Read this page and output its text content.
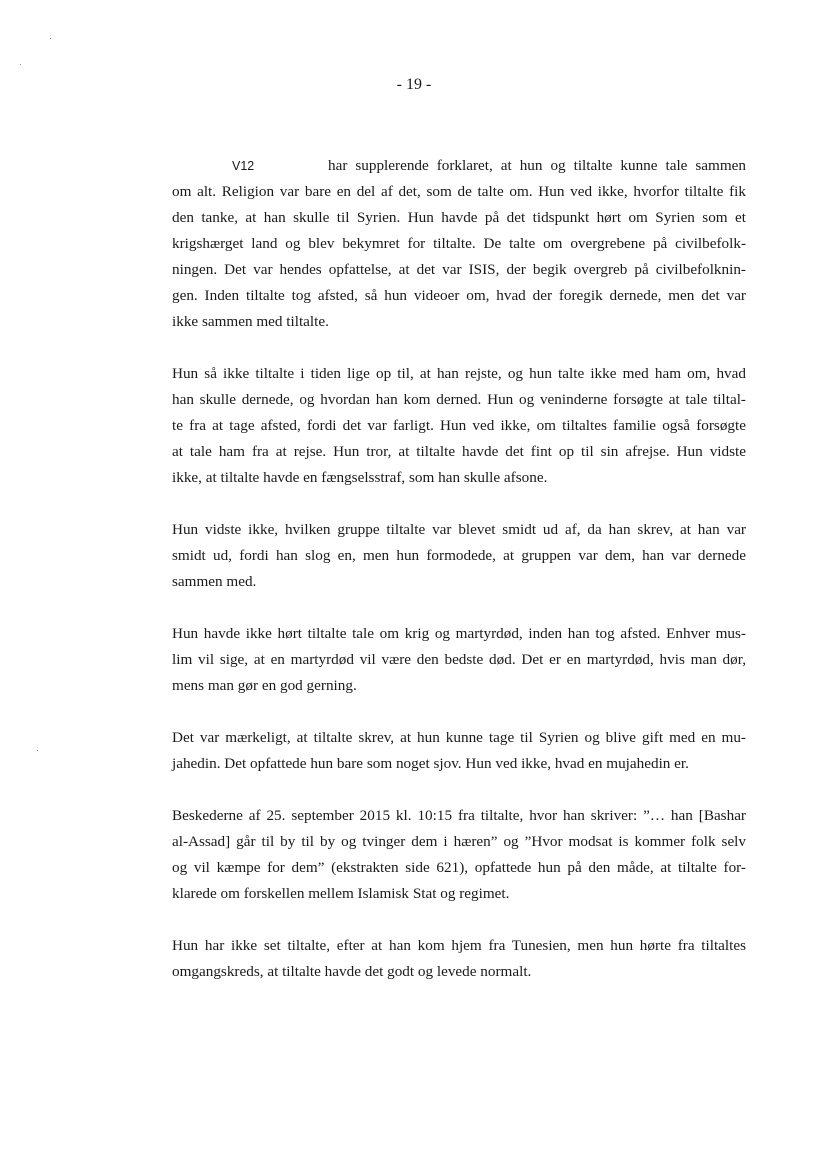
- 19 -
V12	har supplerende forklaret, at hun og tiltalte kunne tale sammen
om alt. Religion var bare en del af det, som de talte om. Hun ved ikke, hvorfor tiltalte fik
den tanke, at han skulle til Syrien. Hun havde på det tidspunkt hørt om Syrien som et
krigshærget land og blev bekymret for tiltalte. De talte om overgrebene på civilbefolk-
ningen. Det var hendes opfattelse, at det var ISIS, der begik overgreb på civilbefolknin-
gen. Inden tiltalte tog afsted, så hun videoer om, hvad der foregik dernede, men det var
ikke sammen med tiltalte.
Hun så ikke tiltalte i tiden lige op til, at han rejste, og hun talte ikke med ham om, hvad
han skulle dernede, og hvordan han kom derned. Hun og veninderne forsøgte at tale tiltal-
te fra at tage afsted, fordi det var farligt. Hun ved ikke, om tiltaltes familie også forsøgte
at tale ham fra at rejse. Hun tror, at tiltalte havde det fint op til sin afrejse. Hun vidste
ikke, at tiltalte havde en fængselsstraf, som han skulle afsone.
Hun vidste ikke, hvilken gruppe tiltalte var blevet smidt ud af, da han skrev, at han var
smidt ud, fordi han slog en, men hun formodede, at gruppen var dem, han var dernede
sammen med.
Hun havde ikke hørt tiltalte tale om krig og martyrdød, inden han tog afsted. Enhver mus-
lim vil sige, at en martyrdød vil være den bedste død. Det er en martyrdød, hvis man dør,
mens man gør en god gerning.
Det var mærkeligt, at tiltalte skrev, at hun kunne tage til Syrien og blive gift med en mu-
jahedin. Det opfattede hun bare som noget sjov. Hun ved ikke, hvad en mujahedin er.
Beskederne af 25. september 2015 kl. 10:15 fra tiltalte, hvor han skriver: ”… han [Bashar
al-Assad] går til by til by og tvinger dem i hæren” og ”Hvor modsat is kommer folk selv
og vil kæmpe for dem” (ekstrakten side 621), opfattede hun på den måde, at tiltalte for-
klarede om forskellen mellem Islamisk Stat og regimet.
Hun har ikke set tiltalte, efter at han kom hjem fra Tunesien, men hun hørte fra tiltaltes
omgangskreds, at tiltalte havde det godt og levede normalt.
